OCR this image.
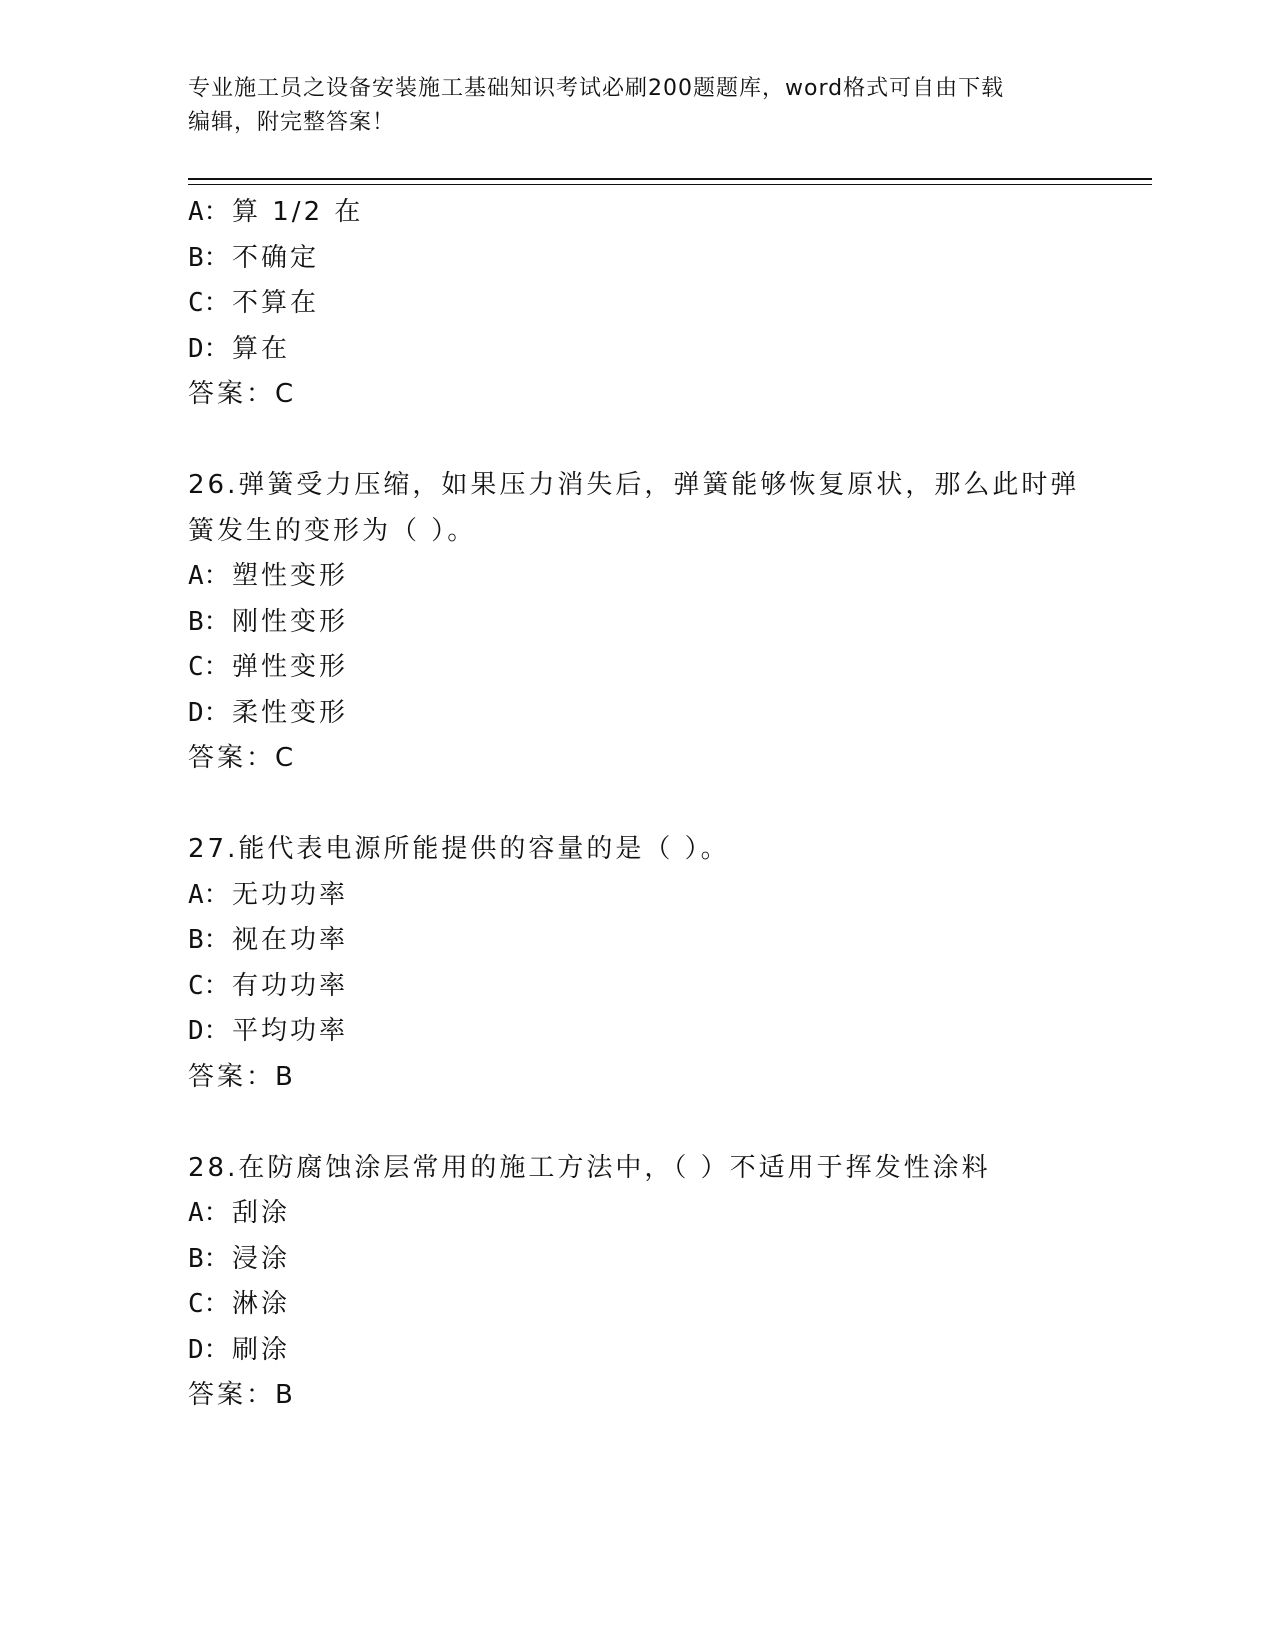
专业施工员之设备安装施工基础知识考试必刷200题题库，word格式可自由下载
编辑，附完整答案！
A：算 1/2 在
B：不确定
C：不算在
D：算在
答案：C
26.弹簧受力压缩，如果压力消失后，弹簧能够恢复原状，那么此时弹
簧发生的变形为（ ）。
A：塑性变形
B：刚性变形
C：弹性变形
D：柔性变形
答案：C
27.能代表电源所能提供的容量的是（ ）。
A：无功功率
B：视在功率
C：有功功率
D：平均功率
答案：B
28.在防腐蚀涂层常用的施工方法中，（ ）不适用于挥发性涂料
A：刮涂
B：浸涂
C：淋涂
D：刷涂
答案：B
